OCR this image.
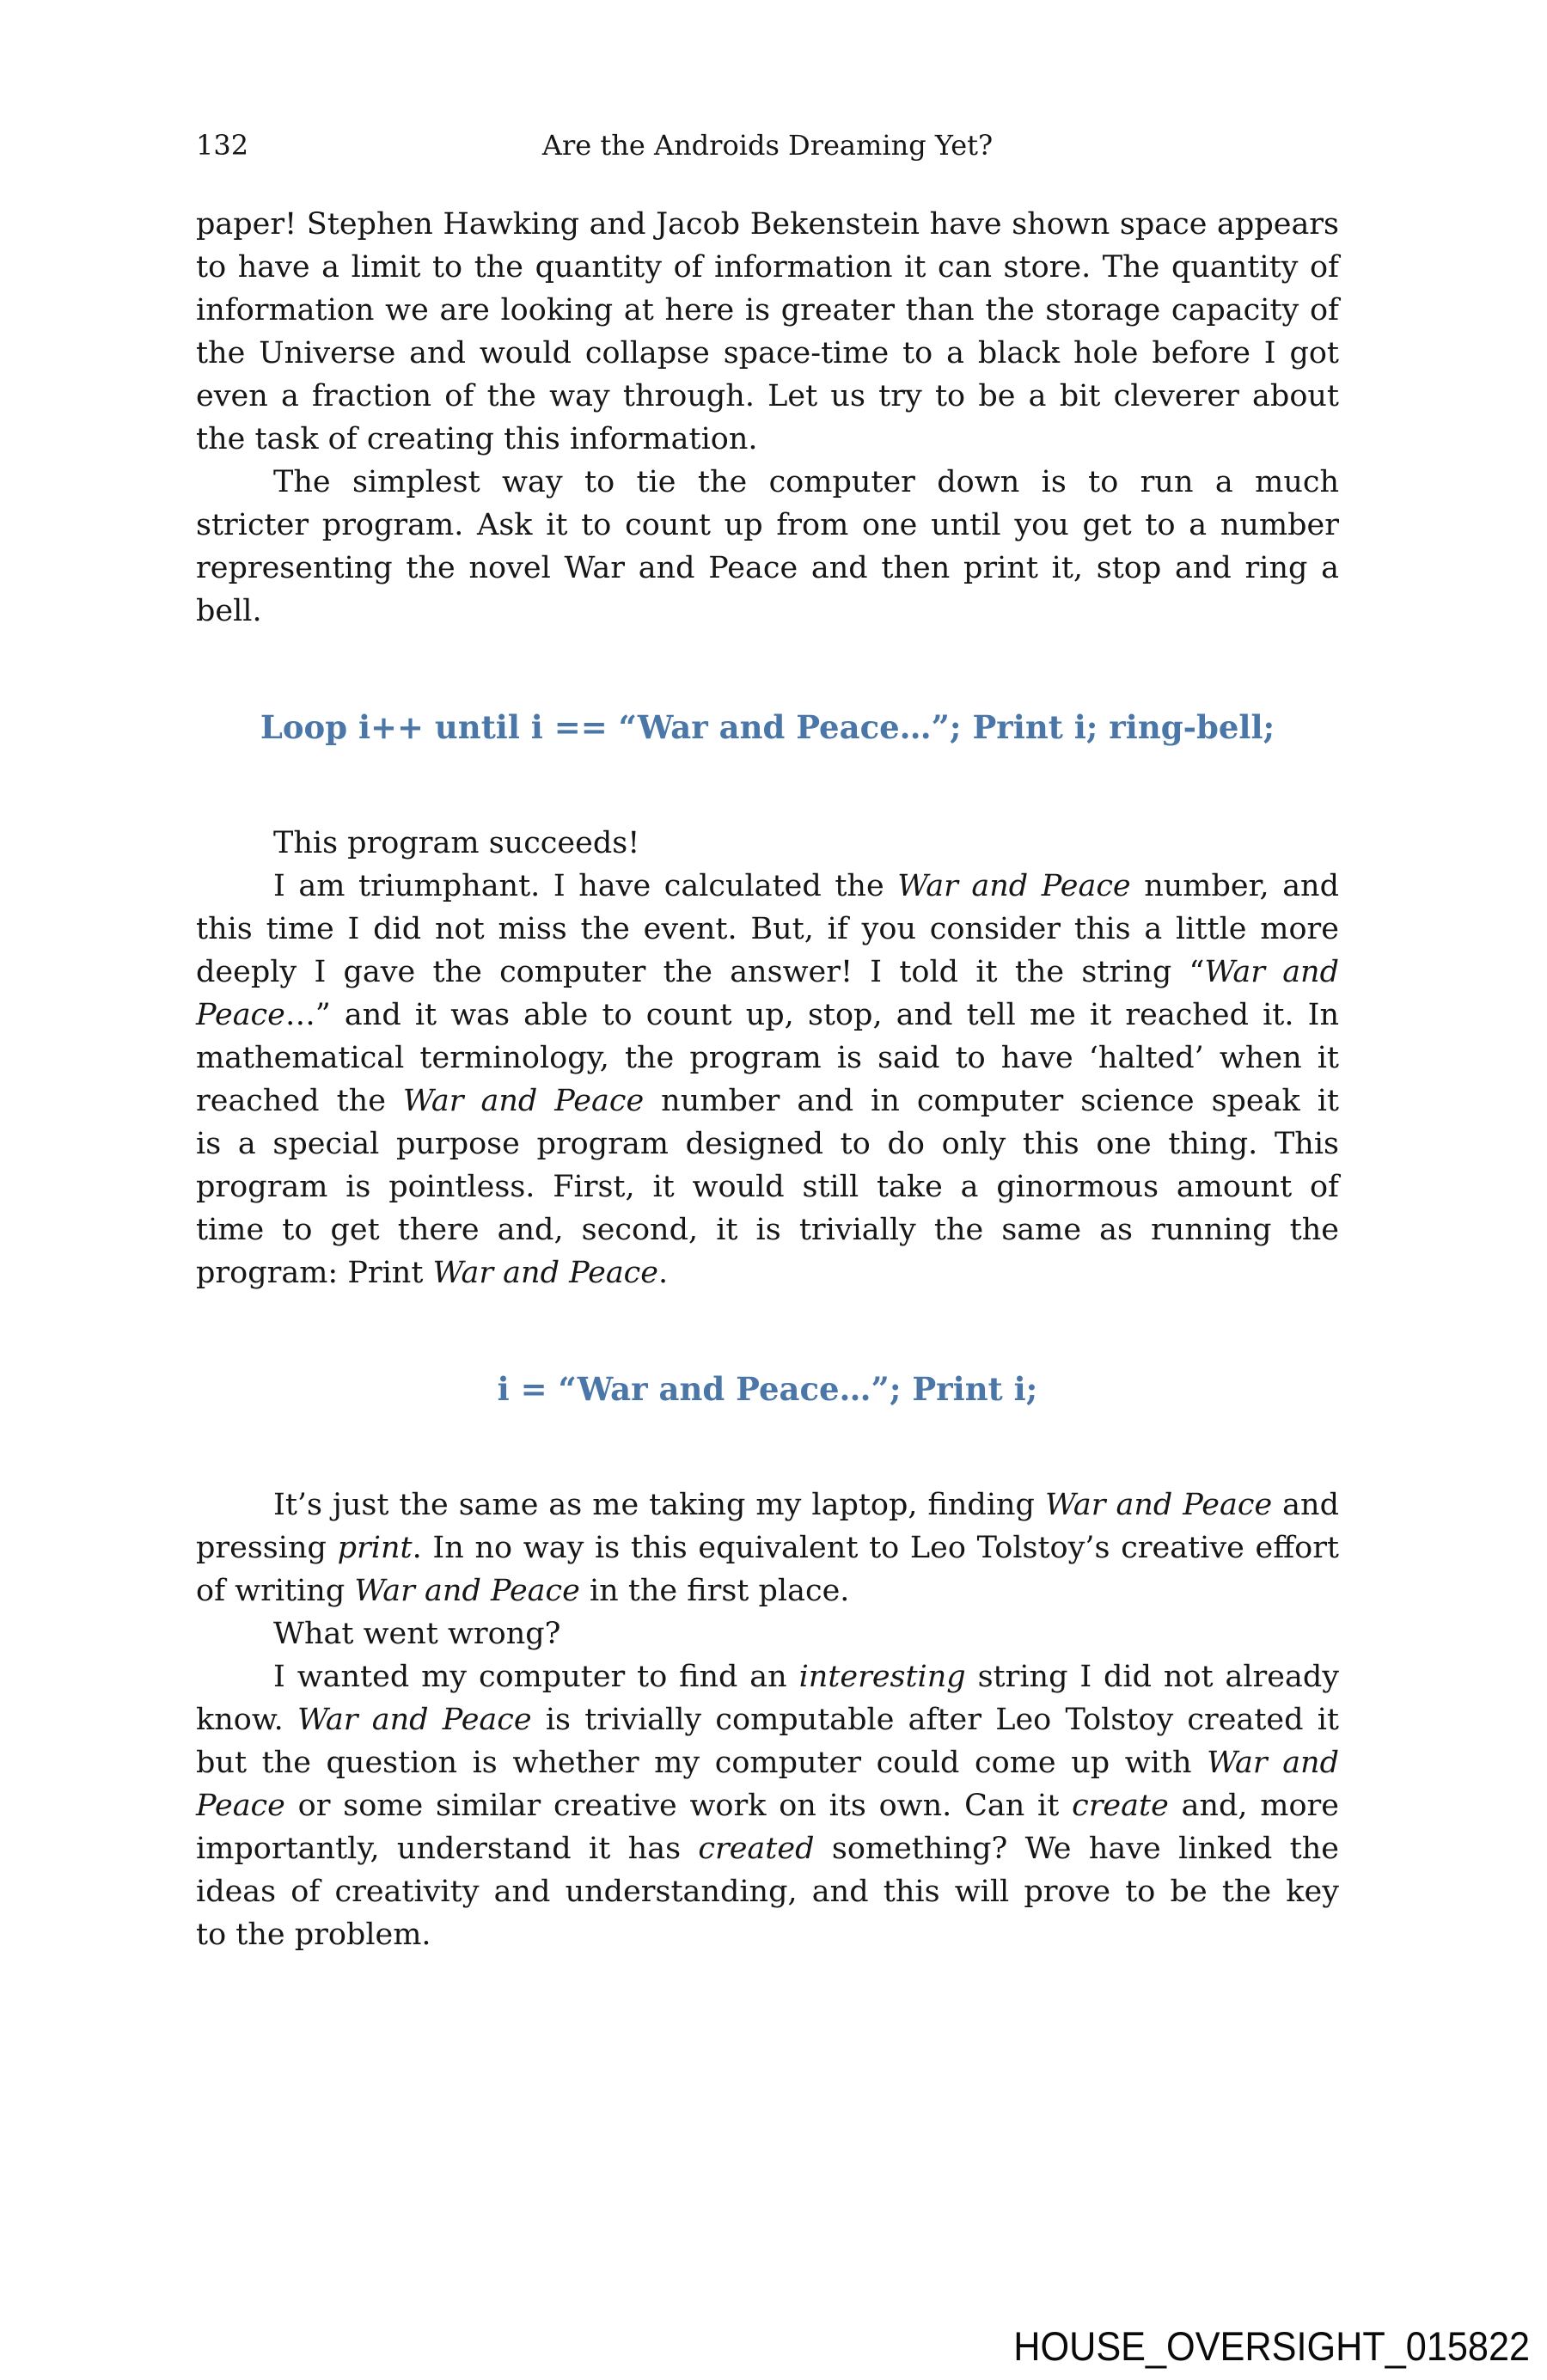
132	Are the Androids Dreaming Yet?
paper! Stephen Hawking and Jacob Bekenstein have shown space appears
to have a limit to the quantity of information it can store. The quantity of
information we are looking at here is greater than the storage capacity of
the Universe and would collapse space-time to a black hole before I got
even a fraction of the way through. Let us try to be a bit cleverer about
the task of creating this information.
The simplest way to tie the computer down is to run a much
stricter program. Ask it to count up from one until you get to a number
representing the novel War and Peace and then print it, stop and ring a
bell.
Loop i++ until i == “War and Peace…”; Print i; ring-bell;
This program succeeds!
I am triumphant. I have calculated the War and Peace number, and
this time I did not miss the event. But, if you consider this a little more
deeply I gave the computer the answer! I told it the string “War and
Peace…” and it was able to count up, stop, and tell me it reached it. In
mathematical terminology, the program is said to have ‘halted’ when it
reached the War and Peace number and in computer science speak it
is a special purpose program designed to do only this one thing. This
program is pointless. First, it would still take a ginormous amount of
time to get there and, second, it is trivially the same as running the
program: Print War and Peace.
i = “War and Peace…”; Print i;
It’s just the same as me taking my laptop, finding War and Peace and
pressing print. In no way is this equivalent to Leo Tolstoy’s creative effort
of writing War and Peace in the first place.
What went wrong?
I wanted my computer to find an interesting string I did not already
know. War and Peace is trivially computable after Leo Tolstoy created it
but the question is whether my computer could come up with War and
Peace or some similar creative work on its own. Can it create and, more
importantly, understand it has created something? We have linked the
ideas of creativity and understanding, and this will prove to be the key
to the problem.
HOUSE_OVERSIGHT_015822
